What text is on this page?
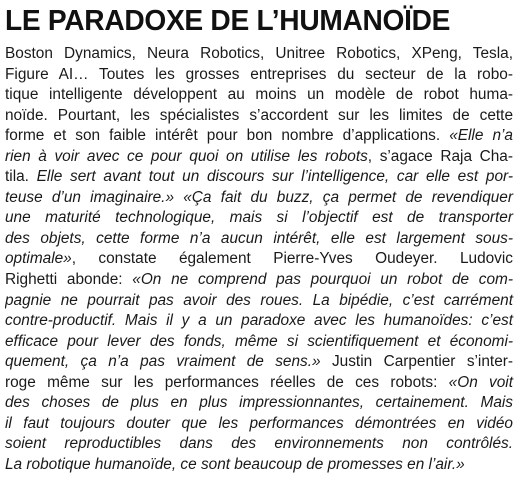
LE PARADOXE DE L’HUMANOÏDE
Boston Dynamics, Neura Robotics, Unitree Robotics, XPeng, Tesla,
Figure AI… Toutes les grosses entreprises du secteur de la robo-
tique intelligente développent au moins un modèle de robot huma-
noïde. Pourtant, les spécialistes s’accordent sur les limites de cette
forme et son faible intérêt pour bon nombre d’applications. «Elle n’a
rien à voir avec ce pour quoi on utilise les robots, s’agace Raja Cha-
tila. Elle sert avant tout un discours sur l’intelligence, car elle est por-
teuse d’un imaginaire.» «Ça fait du buzz, ça permet de revendiquer
une maturité technologique, mais si l’objectif est de transporter
des objets, cette forme n’a aucun intérêt, elle est largement sous-
optimale», constate également Pierre-Yves Oudeyer. Ludovic
Righetti abonde: «On ne comprend pas pourquoi un robot de com-
pagnie ne pourrait pas avoir des roues. La bipédie, c’est carrément
contre-productif. Mais il y a un paradoxe avec les humanoïdes: c’est
efficace pour lever des fonds, même si scientifiquement et économi-
quement, ça n’a pas vraiment de sens.» Justin Carpentier s’inter-
roge même sur les performances réelles de ces robots: «On voit
des choses de plus en plus impressionnantes, certainement. Mais
il faut toujours douter que les performances démontrées en vidéo
soient reproductibles dans des environnements non contrôlés.
La robotique humanoïde, ce sont beaucoup de promesses en l’air.»
